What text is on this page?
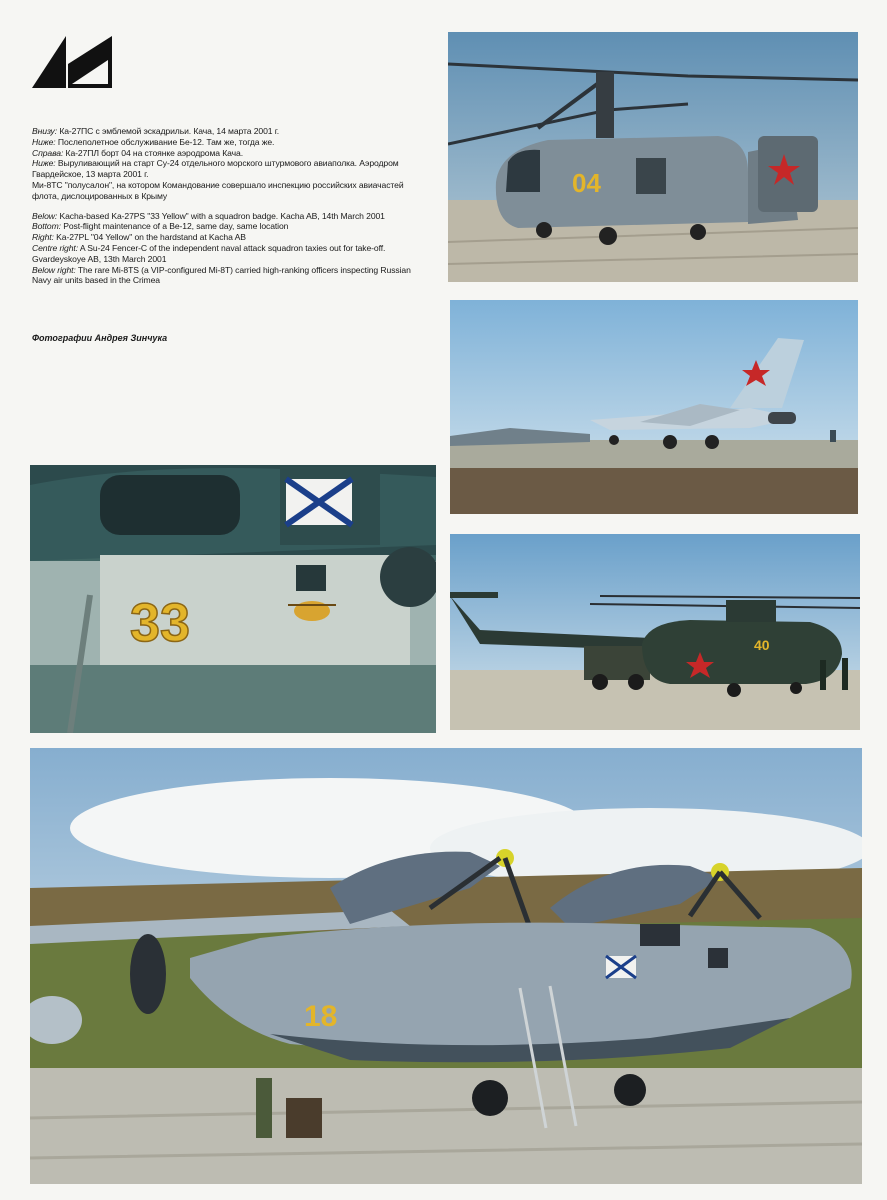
Внизу: Ка-27ПС с эмблемой эскадрильи. Кача, 14 марта 2001 г.

Ниже: Послеполетное обслуживание Бе-12. Там же, тогда же.

Справа: Ка-27ПЛ борт 04 на стоянке аэродрома Кача.

Ниже: Выруливающий на старт Су-24 отдельного морского штурмового авиаполка. Аэродром Гвардейское, 13 марта 2001 г.

Ми-8ТС "полусалон", на котором Командование совершало инспекцию российских авиачастей флота, дислоцированных в Крыму

Below: Kacha-based Ka-27PS "33 Yellow" with a squadron badge. Kacha AB, 14th March 2001

Bottom: Post-flight maintenance of a Be-12, same day, same location

Right: Ka-27PL "04 Yellow" on the hardstand at Kacha AB

Centre right: A Su-24 Fencer-C of the independent naval attack squadron taxies out for take-off. Gvardeyskoye AB, 13th March 2001

Below right: The rare Mi-8TS (a VIP-configured Mi-8T) carried high-ranking officers inspecting Russian Navy air units based in the Crimea

Фотографии Андрея Зинчука
04
33	40
18
